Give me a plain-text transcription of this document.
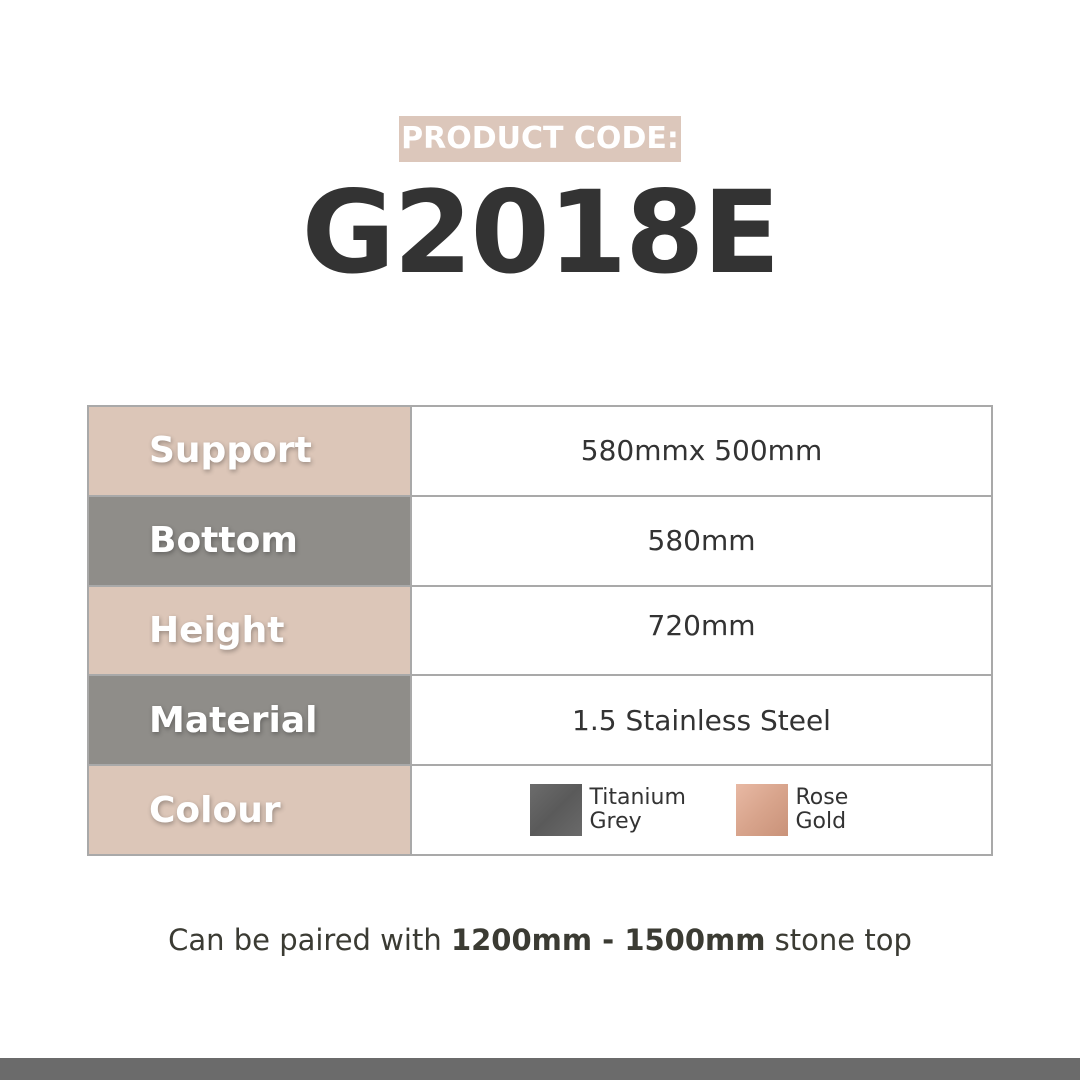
PRODUCT CODE:
G2018E
Support	580mmx 500mm
Bottom	580mm
Height	720mm
Material	1.5 Stainless Steel
Colour	Titanium Grey
Rose Gold
Can be paired with 1200mm - 1500mm stone top
